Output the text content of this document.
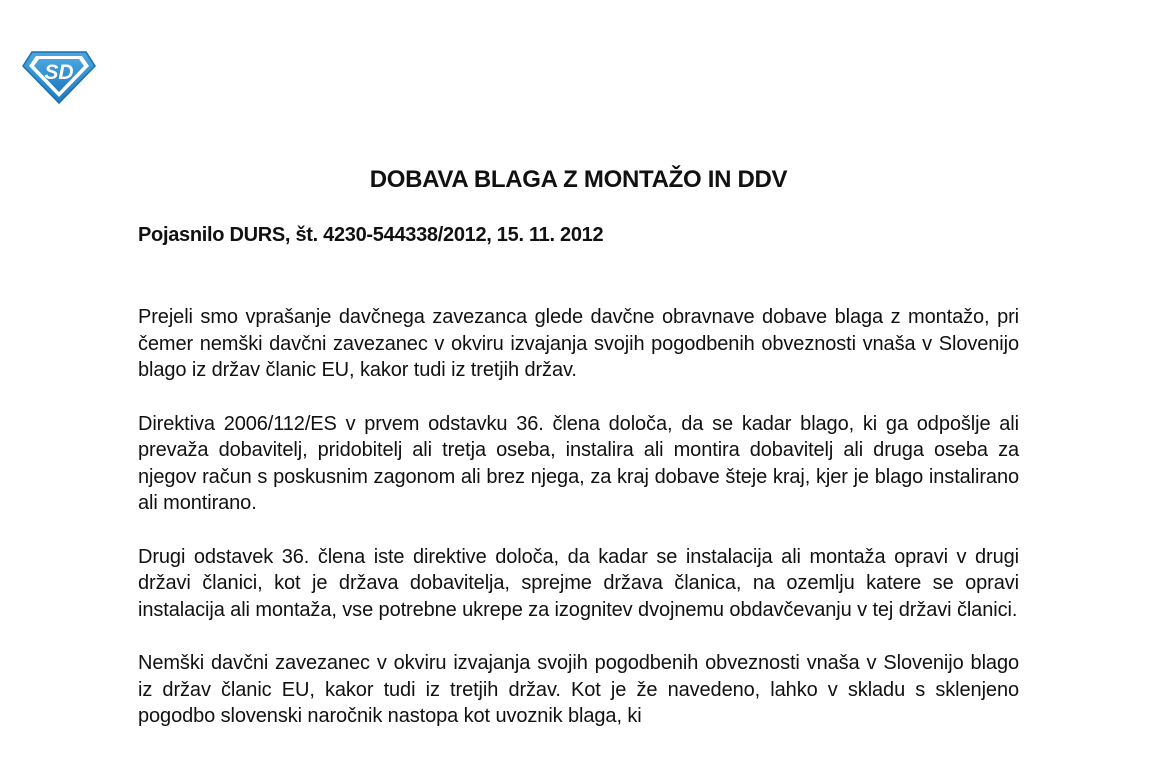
SD
DOBAVA BLAGA Z MONTAŽO IN DDV
Pojasnilo DURS, št. 4230-544338/2012, 15. 11. 2012

Prejeli smo vprašanje davčnega zavezanca glede davčne obravnave dobave blaga z montažo, pri čemer nemški davčni zavezanec v okviru izvajanja svojih pogodbenih obveznosti vnaša v Slovenijo blago iz držav članic EU, kakor tudi iz tretjih držav.

Direktiva 2006/112/ES v prvem odstavku 36. člena določa, da se kadar blago, ki ga odpošlje ali prevaža dobavitelj, pridobitelj ali tretja oseba, instalira ali montira dobavitelj ali druga oseba za njegov račun s poskusnim zagonom ali brez njega, za kraj dobave šteje kraj, kjer je blago instalirano ali montirano.

Drugi odstavek 36. člena iste direktive določa, da kadar se instalacija ali montaža opravi v drugi državi članici, kot je država dobavitelja, sprejme država članica, na ozemlju katere se opravi instalacija ali montaža, vse potrebne ukrepe za izognitev dvojnemu obdavčevanju v tej državi članici.

Nemški davčni zavezanec v okviru izvajanja svojih pogodbenih obveznosti vnaša v Slovenijo blago iz držav članic EU, kakor tudi iz tretjih držav. Kot je že navedeno, lahko v skladu s sklenjeno pogodbo slovenski naročnik nastopa kot uvoznik blaga, ki
